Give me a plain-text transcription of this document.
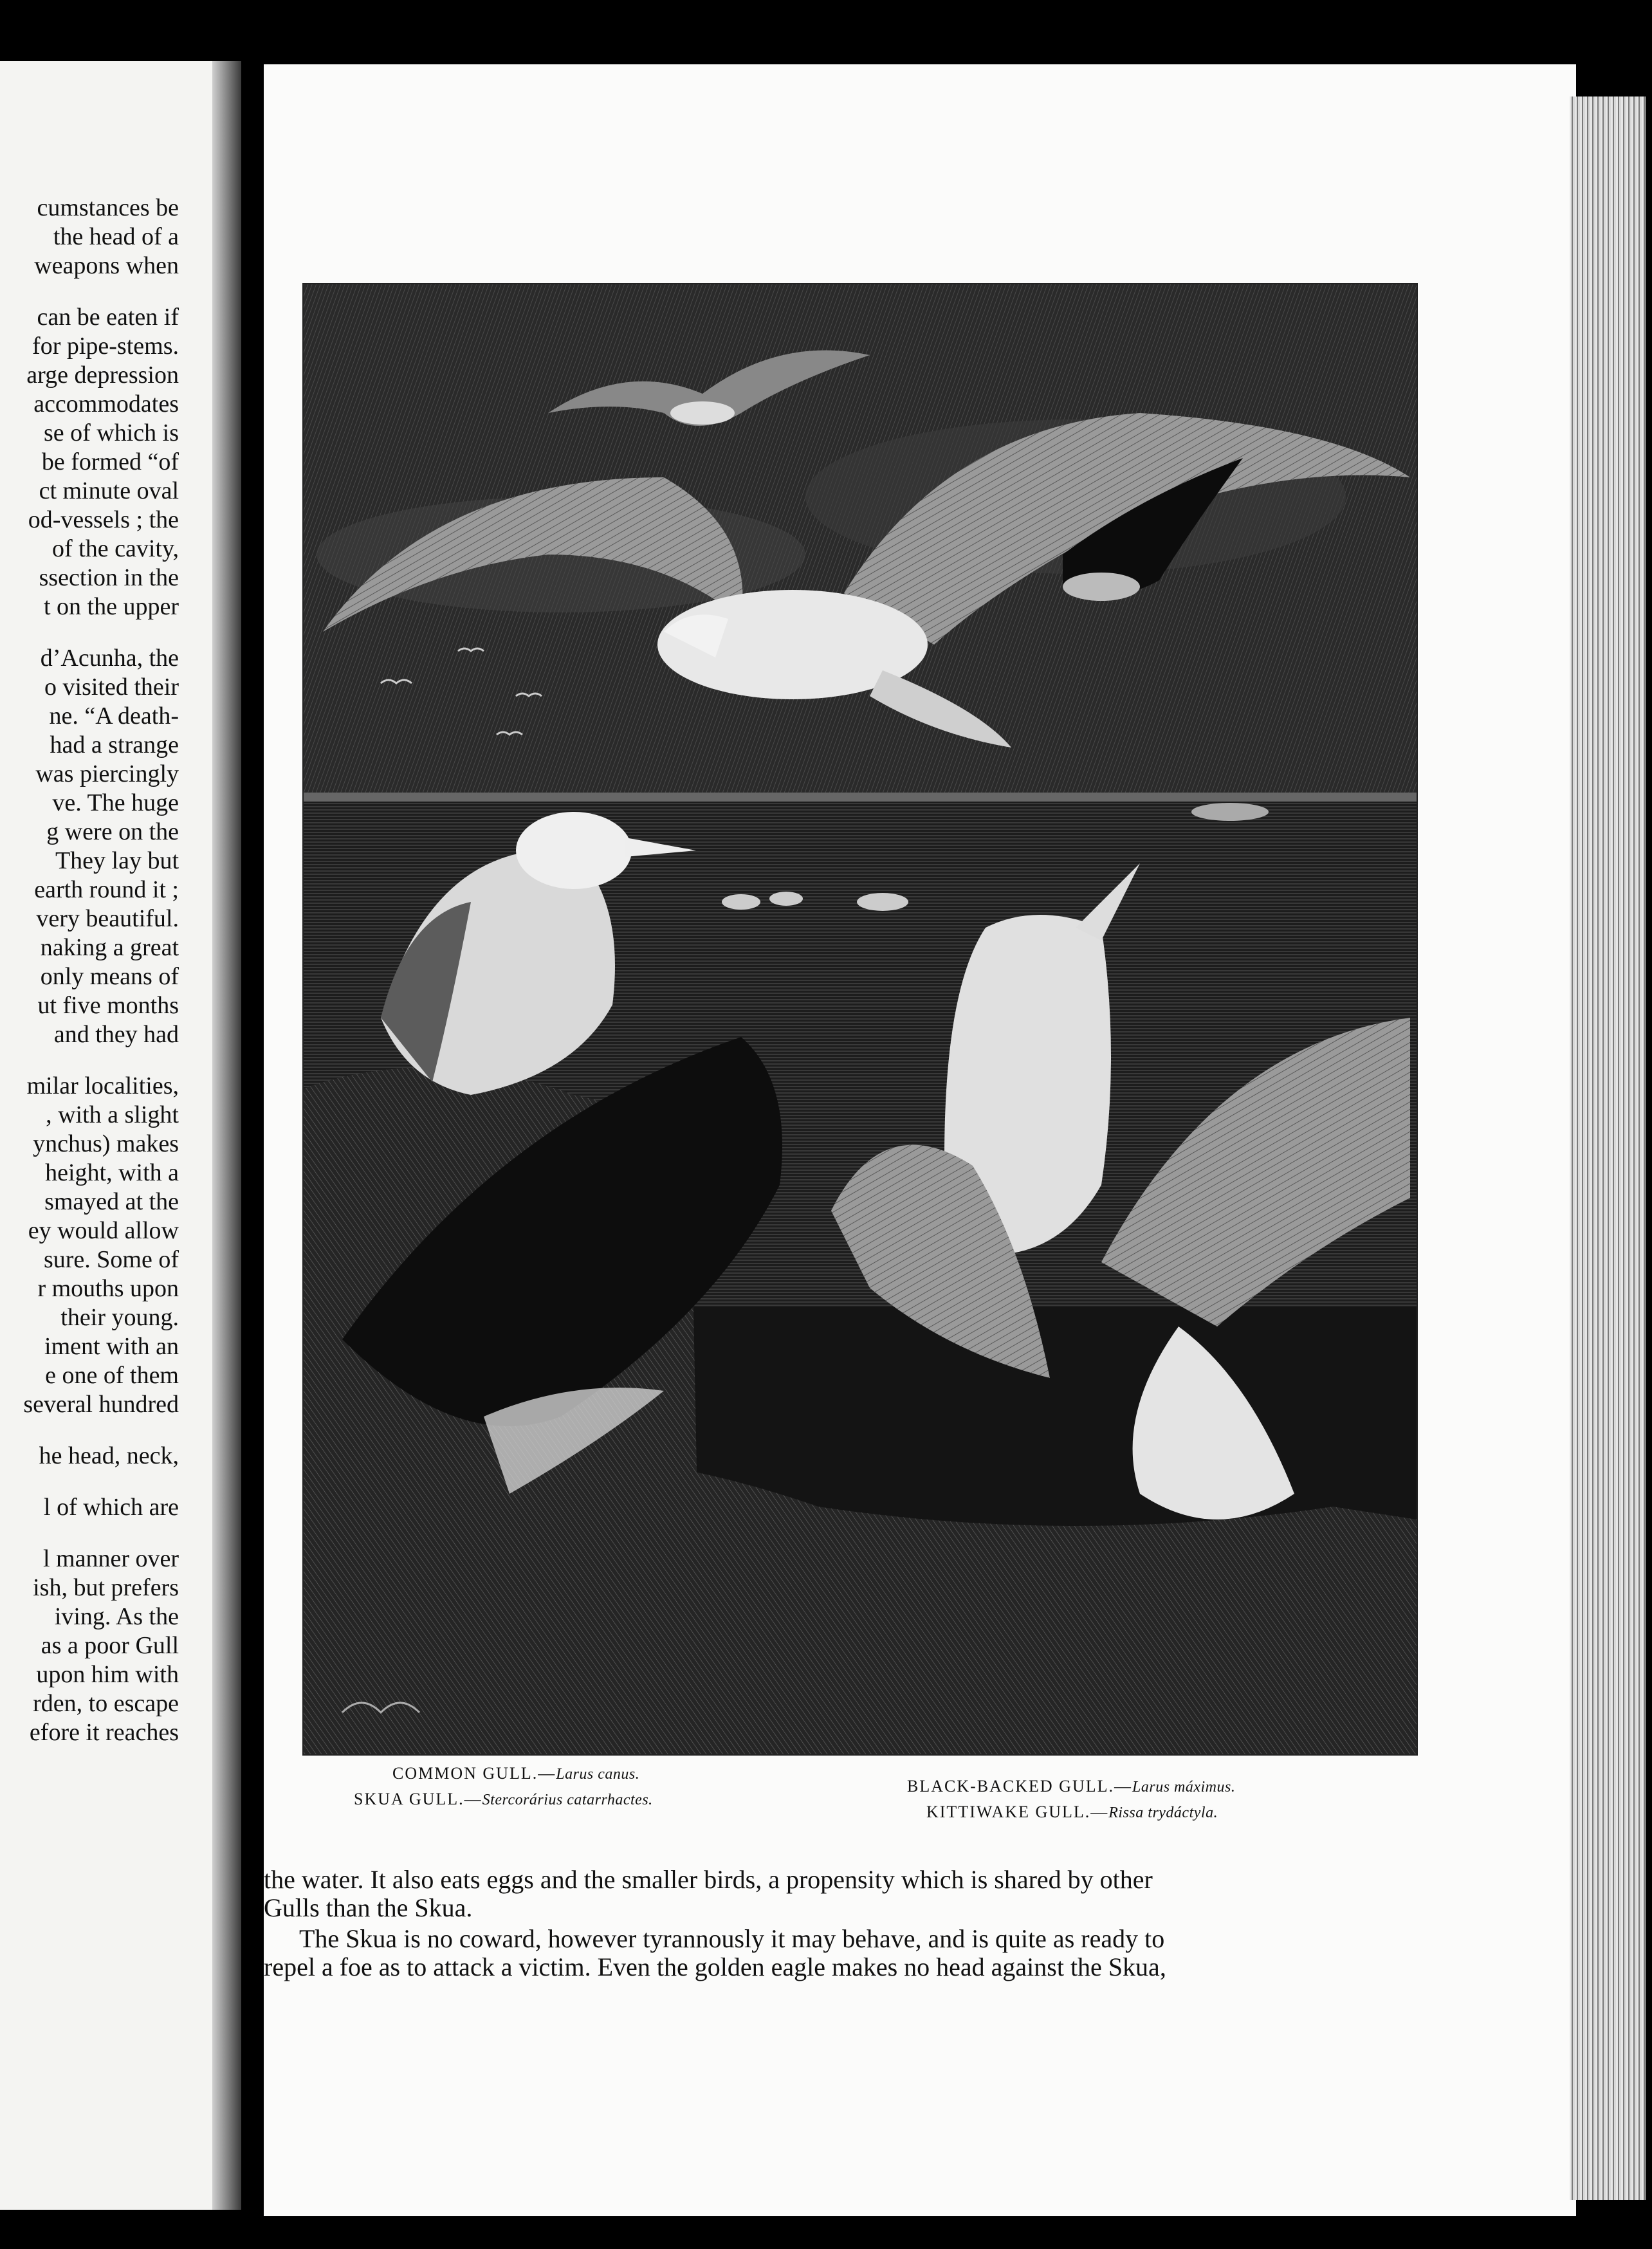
cumstances be
the head of a
weapons when
can be eaten if
for pipe-stems.
arge depression
accommodates
se of which is
be formed “of
ct minute oval
od-vessels ; the
of the cavity,
ssection in the
t on the upper
d’Acunha, the
o visited their
ne. “A death-
had a strange
was piercingly
ve. The huge
g were on the
They lay but
earth round it ;
very beautiful.
naking a great
only means of
ut five months
and they had
milar localities,
, with a slight
ynchus) makes
height, with a
smayed at the
ey would allow
sure. Some of
r mouths upon
their young.
iment with an
e one of them
several hundred
he head, neck,
l of which are
l manner over
ish, but prefers
iving. As the
as a poor Gull
upon him with
rden, to escape
efore it reaches
COMMON GULL.—Larus canus.
SKUA GULL.—Stercorárius catarrhactes.
BLACK-BACKED GULL.—Larus máximus.
KITTIWAKE GULL.—Rissa trydáctyla.
the water. It also eats eggs and the smaller birds, a propensity which is shared by other
Gulls than the Skua.
The Skua is no coward, however tyrannously it may behave, and is quite as ready to
repel a foe as to attack a victim. Even the golden eagle makes no head against the Skua,
